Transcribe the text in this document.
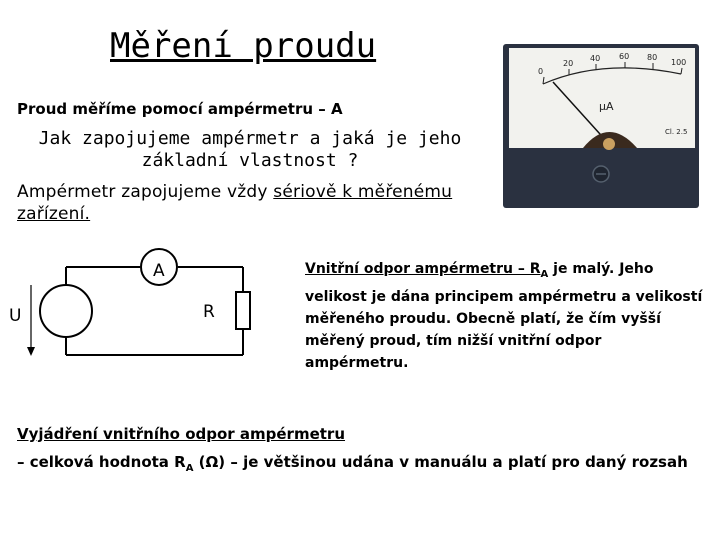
Měření proudu
Proud měříme pomocí ampérmetru – A
Jak zapojujeme ampérmetr a jaká je jeho základní vlastnost ?
Ampérmetr zapojujeme vždy sériově k měřenému zařízení.
0
20
40 60 80
100
µA
Cl. 2.5
A
R
U
Vnitřní odpor ampérmetru – $R_A$ je malý. Jeho velikost je dána principem ampérmetru a velikostí měřeného proudu. Obecně platí, že čím vyšší měřený proud, tím nižší vnitřní odpor ampérmetru.
Vyjádření vnitřního odpor ampérmetru
– celková hodnota $R_A$ (Ω) – je většinou udána v manuálu a platí pro daný rozsah
